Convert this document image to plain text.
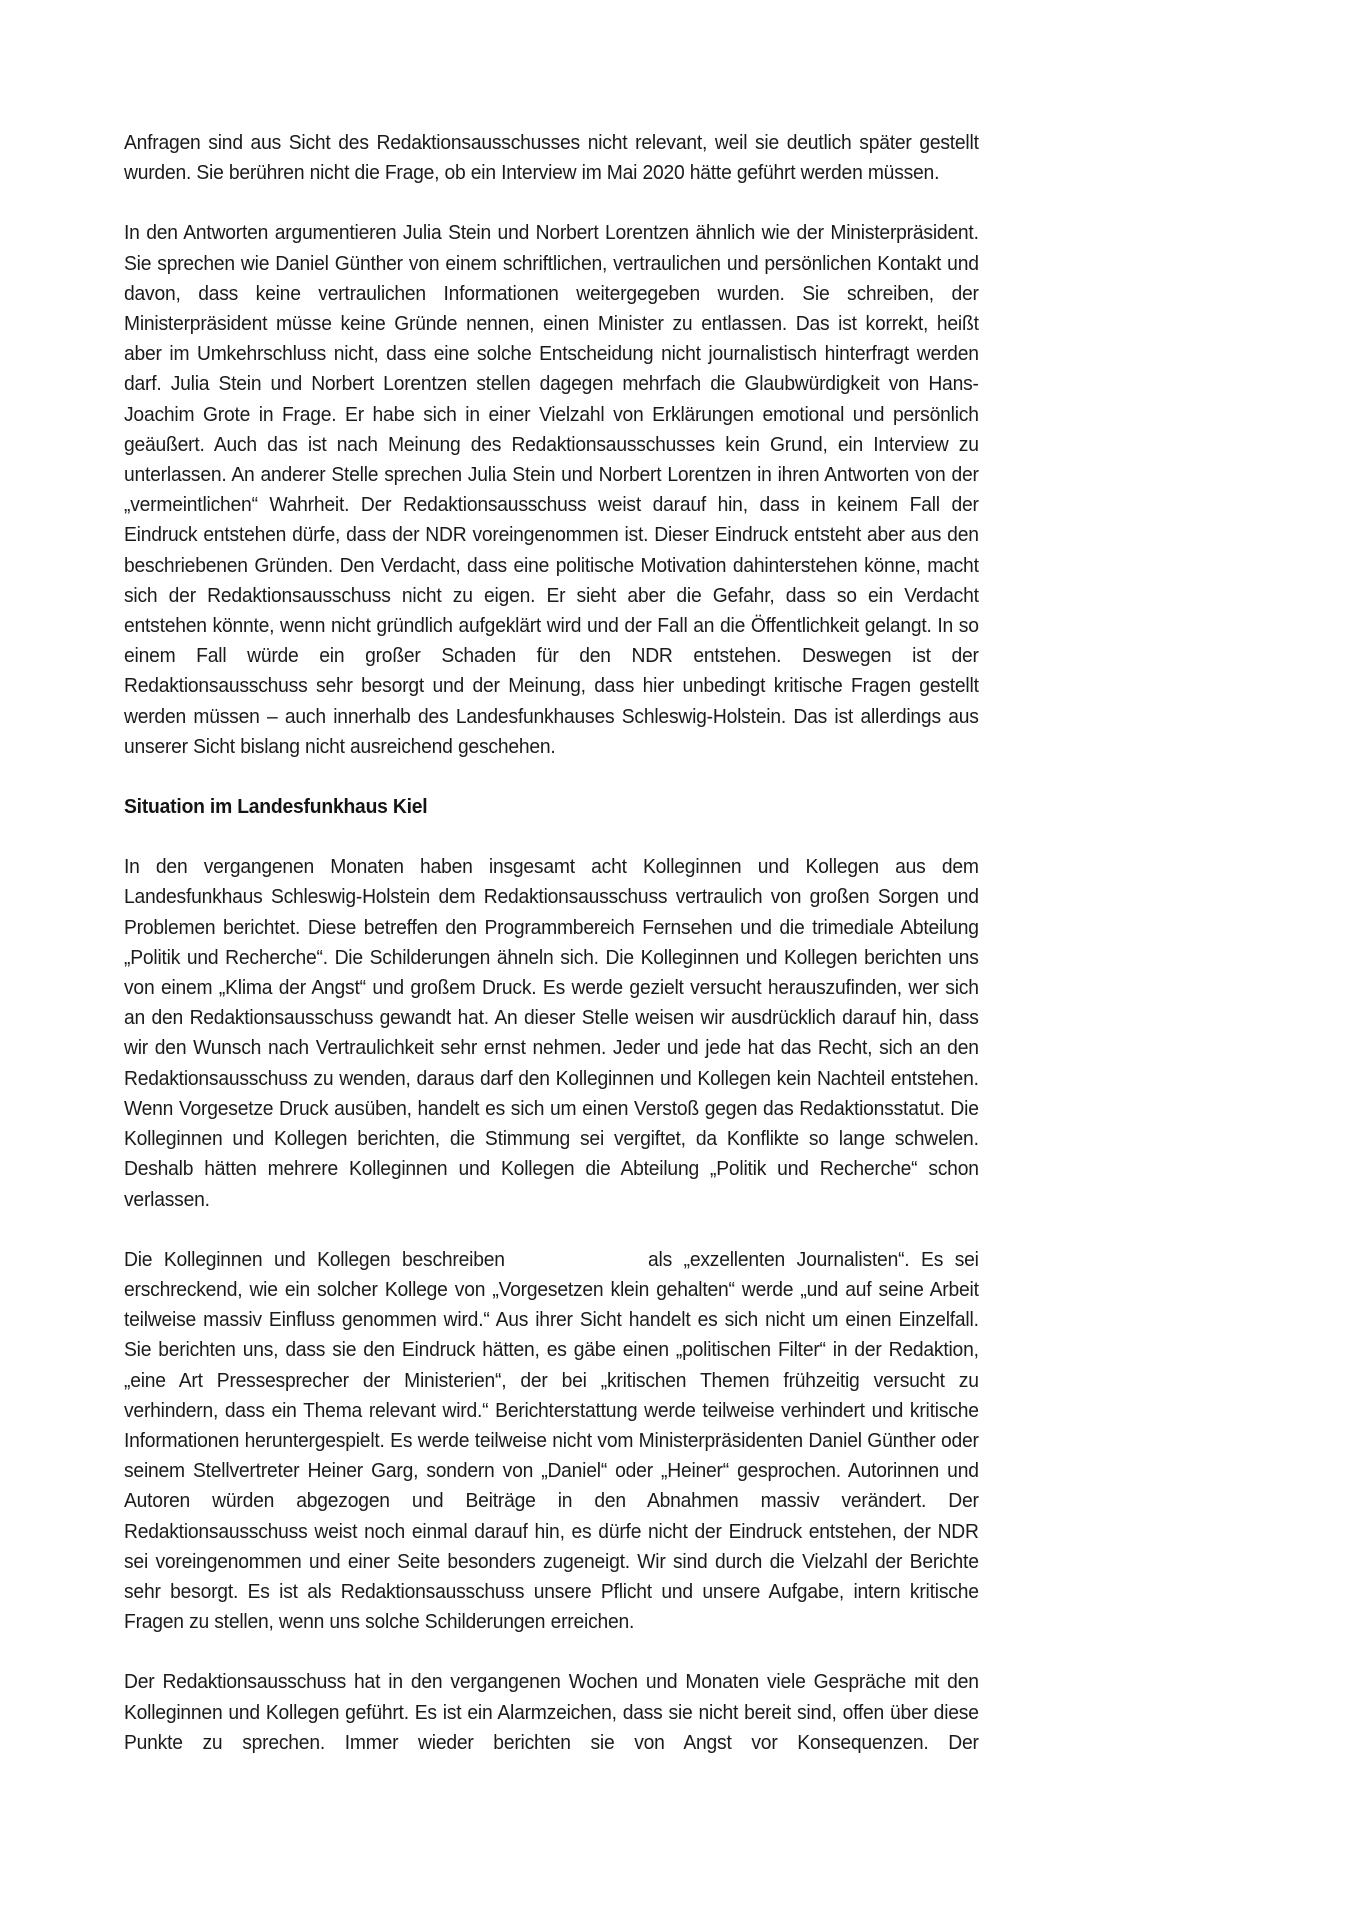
Anfragen sind aus Sicht des Redaktionsausschusses nicht relevant, weil sie deutlich später gestellt wurden. Sie berühren nicht die Frage, ob ein Interview im Mai 2020 hätte geführt werden müssen.

In den Antworten argumentieren Julia Stein und Norbert Lorentzen ähnlich wie der Ministerpräsident. Sie sprechen wie Daniel Günther von einem schriftlichen, vertraulichen und persönlichen Kontakt und davon, dass keine vertraulichen Informationen weitergegeben wurden. Sie schreiben, der Ministerpräsident müsse keine Gründe nennen, einen Minister zu entlassen. Das ist korrekt, heißt aber im Umkehrschluss nicht, dass eine solche Entscheidung nicht journalistisch hinterfragt werden darf. Julia Stein und Norbert Lorentzen stellen dagegen mehrfach die Glaubwürdigkeit von Hans-Joachim Grote in Frage. Er habe sich in einer Vielzahl von Erklärungen emotional und persönlich geäußert. Auch das ist nach Meinung des Redaktionsausschusses kein Grund, ein Interview zu unterlassen. An anderer Stelle sprechen Julia Stein und Norbert Lorentzen in ihren Antworten von der „vermeintlichen“ Wahrheit. Der Redaktionsausschuss weist darauf hin, dass in keinem Fall der Eindruck entstehen dürfe, dass der NDR voreingenommen ist. Dieser Eindruck entsteht aber aus den beschriebenen Gründen. Den Verdacht, dass eine politische Motivation dahinterstehen könne, macht sich der Redaktionsausschuss nicht zu eigen. Er sieht aber die Gefahr, dass so ein Verdacht entstehen könnte, wenn nicht gründlich aufgeklärt wird und der Fall an die Öffentlichkeit gelangt. In so einem Fall würde ein großer Schaden für den NDR entstehen. Deswegen ist der Redaktionsausschuss sehr besorgt und der Meinung, dass hier unbedingt kritische Fragen gestellt werden müssen – auch innerhalb des Landesfunkhauses Schleswig-Holstein. Das ist allerdings aus unserer Sicht bislang nicht ausreichend geschehen.

Situation im Landesfunkhaus Kiel

In den vergangenen Monaten haben insgesamt acht Kolleginnen und Kollegen aus dem Landesfunkhaus Schleswig-Holstein dem Redaktionsausschuss vertraulich von großen Sorgen und Problemen berichtet. Diese betreffen den Programmbereich Fernsehen und die trimediale Abteilung „Politik und Recherche“. Die Schilderungen ähneln sich. Die Kolleginnen und Kollegen berichten uns von einem „Klima der Angst“ und großem Druck. Es werde gezielt versucht herauszufinden, wer sich an den Redaktionsausschuss gewandt hat. An dieser Stelle weisen wir ausdrücklich darauf hin, dass wir den Wunsch nach Vertraulichkeit sehr ernst nehmen. Jeder und jede hat das Recht, sich an den Redaktionsausschuss zu wenden, daraus darf den Kolleginnen und Kollegen kein Nachteil entstehen. Wenn Vorgesetze Druck ausüben, handelt es sich um einen Verstoß gegen das Redaktionsstatut. Die Kolleginnen und Kollegen berichten, die Stimmung sei vergiftet, da Konflikte so lange schwelen. Deshalb hätten mehrere Kolleginnen und Kollegen die Abteilung „Politik und Recherche“ schon verlassen.

Die Kolleginnen und Kollegen beschreiben	als „exzellenten Journalisten“. Es sei erschreckend, wie ein solcher Kollege von „Vorgesetzen klein gehalten“ werde „und auf seine Arbeit teilweise massiv Einfluss genommen wird.“ Aus ihrer Sicht handelt es sich nicht um einen Einzelfall. Sie berichten uns, dass sie den Eindruck hätten, es gäbe einen „politischen Filter“ in der Redaktion, „eine Art Pressesprecher der Ministerien“, der bei „kritischen Themen frühzeitig versucht zu verhindern, dass ein Thema relevant wird.“ Berichterstattung werde teilweise verhindert und kritische Informationen heruntergespielt. Es werde teilweise nicht vom Ministerpräsidenten Daniel Günther oder seinem Stellvertreter Heiner Garg, sondern von „Daniel“ oder „Heiner“ gesprochen. Autorinnen und Autoren würden abgezogen und Beiträge in den Abnahmen massiv verändert. Der Redaktionsausschuss weist noch einmal darauf hin, es dürfe nicht der Eindruck entstehen, der NDR sei voreingenommen und einer Seite besonders zugeneigt. Wir sind durch die Vielzahl der Berichte sehr besorgt. Es ist als Redaktionsausschuss unsere Pflicht und unsere Aufgabe, intern kritische Fragen zu stellen, wenn uns solche Schilderungen erreichen.

Der Redaktionsausschuss hat in den vergangenen Wochen und Monaten viele Gespräche mit den Kolleginnen und Kollegen geführt. Es ist ein Alarmzeichen, dass sie nicht bereit sind, offen über diese Punkte zu sprechen. Immer wieder berichten sie von Angst vor Konsequenzen. Der
